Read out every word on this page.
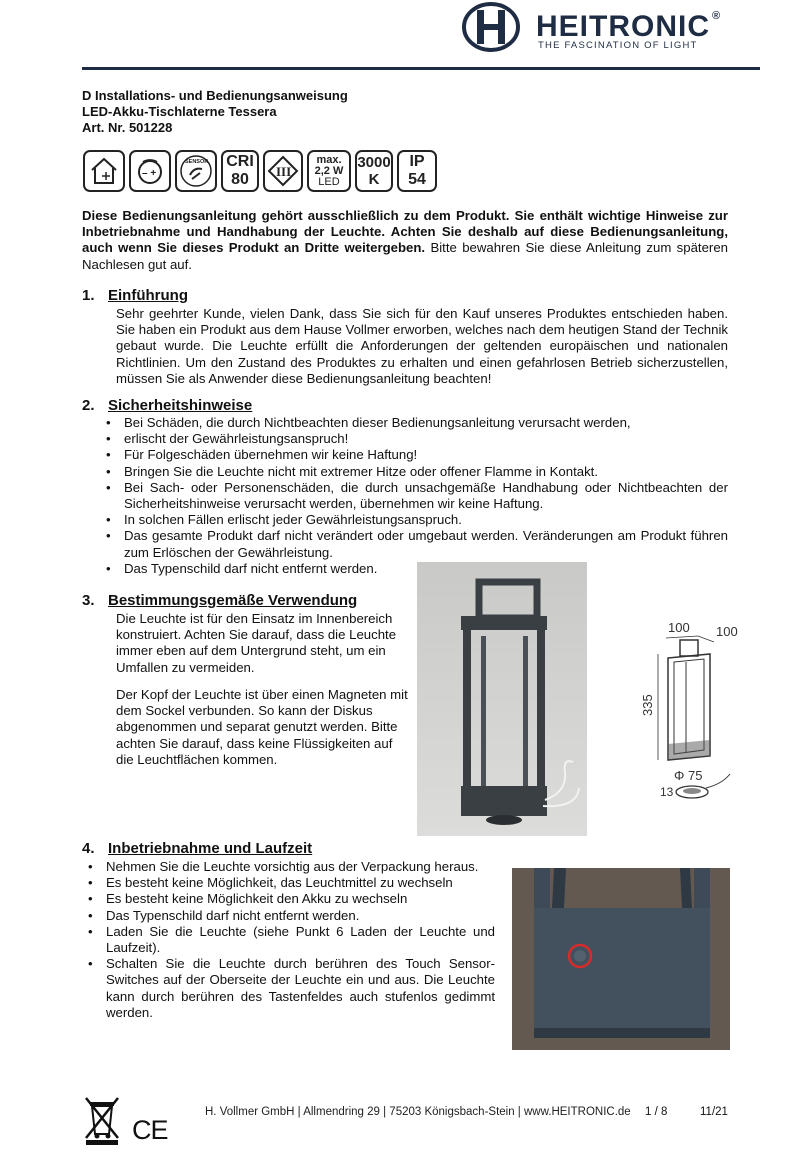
HEITRONIC ®
THE FASCINATION OF LIGHT
D Installations- und Bedienungsanweisung
LED-Akku-Tischlaterne Tessera
Art. Nr. 501228
– +
SENSOR CRI
80 III
max.
2,2 W
LED
3000
K
IP
54
Diese Bedienungsanleitung gehört ausschließlich zu dem Produkt. Sie enthält wichtige Hinweise zur Inbetriebnahme und Handhabung der Leuchte. Achten Sie deshalb auf diese Bedienungsanleitung, auch wenn Sie dieses Produkt an Dritte weitergeben. Bitte bewahren Sie diese Anleitung zum späteren Nachlesen gut auf.
1. Einführung
Sehr geehrter Kunde, vielen Dank, dass Sie sich für den Kauf unseres Produktes entschieden haben. Sie haben ein Produkt aus dem Hause Vollmer erworben, welches nach dem heutigen Stand der Technik gebaut wurde. Die Leuchte erfüllt die Anforderungen der geltenden europäischen und nationalen Richtlinien. Um den Zustand des Produktes zu erhalten und einen gefahrlosen Betrieb sicherzustellen, müssen Sie als Anwender diese Bedienungsanleitung beachten!
2. Sicherheitshinweise
• Bei Schäden, die durch Nichtbeachten dieser Bedienungsanleitung verursacht werden,
• erlischt der Gewährleistungsanspruch!
• Für Folgeschäden übernehmen wir keine Haftung!
• Bringen Sie die Leuchte nicht mit extremer Hitze oder offener Flamme in Kontakt.
• Bei Sach- oder Personenschäden, die durch unsachgemäße Handhabung oder Nichtbeachten der Sicherheitshinweise verursacht werden, übernehmen wir keine Haftung.
• In solchen Fällen erlischt jeder Gewährleistungsanspruch.
• Das gesamte Produkt darf nicht verändert oder umgebaut werden. Veränderungen am Produkt führen zum Erlöschen der Gewährleistung.
• Das Typenschild darf nicht entfernt werden.
3. Bestimmungsgemäße Verwendung
Die Leuchte ist für den Einsatz im Innenbereich konstruiert. Achten Sie darauf, dass die Leuchte immer eben auf dem Untergrund steht, um ein Umfallen zu vermeiden.
Der Kopf der Leuchte ist über einen Magneten mit dem Sockel verbunden. So kann der Diskus abgenommen und separat genutzt werden. Bitte achten Sie darauf, dass keine Flüssigkeiten auf die Leuchtflächen kommen.
100 100
335
Φ 75
13
4. Inbetriebnahme und Laufzeit
• Nehmen Sie die Leuchte vorsichtig aus der Verpackung heraus.
• Es besteht keine Möglichkeit, das Leuchtmittel zu wechseln
• Es besteht keine Möglichkeit den Akku zu wechseln
• Das Typenschild darf nicht entfernt werden.
• Laden Sie die Leuchte (siehe Punkt 6 Laden der Leuchte und Laufzeit).
• Schalten Sie die Leuchte durch berühren des Touch Sensor-Switches auf der Oberseite der Leuchte ein und aus. Die Leuchte kann durch berühren des Tastenfeldes auch stufenlos gedimmt werden.
CE
H. Vollmer GmbH | Allmendring 29 | 75203 Königsbach-Stein | www.HEITRONIC.de 1 / 8	11/21
